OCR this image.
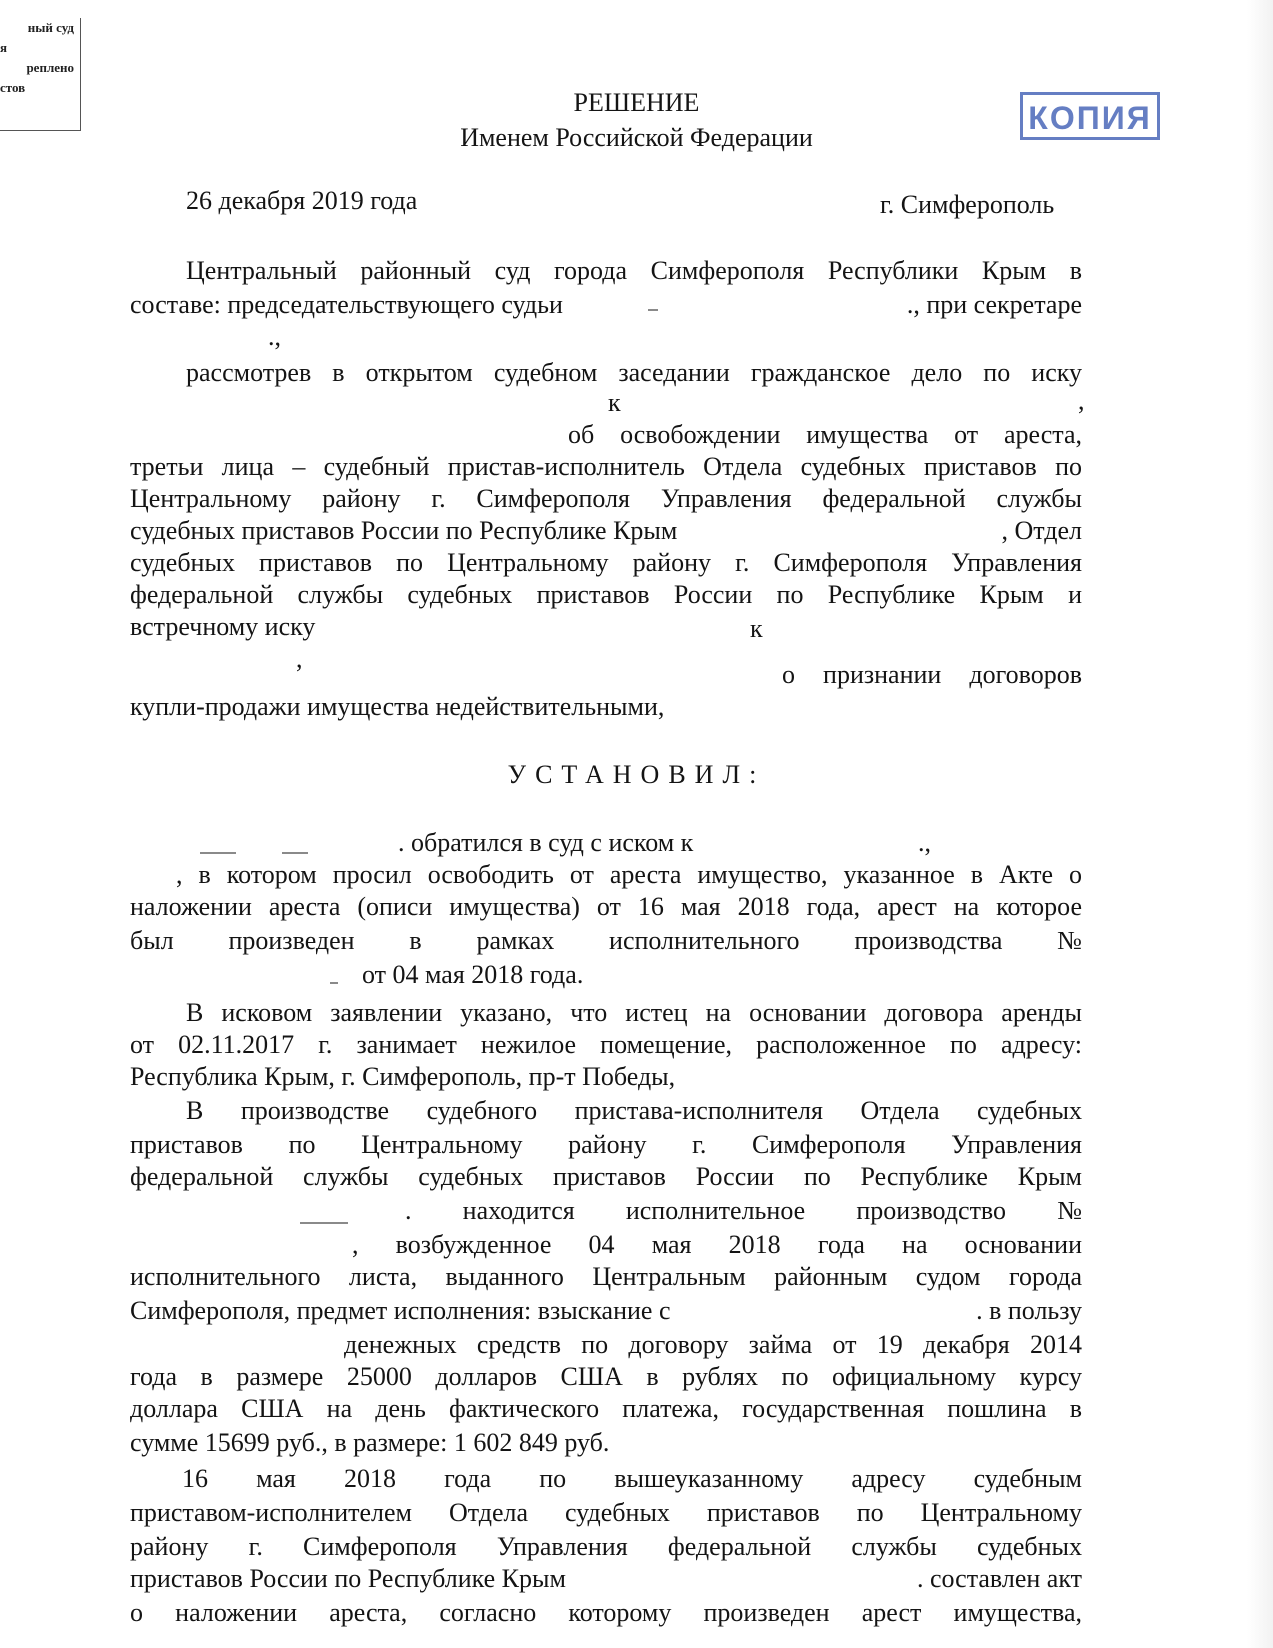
ный суд
я
реплено
стов
КОПИЯ
РЕШЕНИЕ
Именем Российской Федерации
26 декабря 2019 года	г. Симферополь
Центральный районный суд города Симферополя Республики Крым в
составе: председательствующего судьи	., при секретаре
.,
рассмотрев в открытом судебном заседании гражданское дело по иску
к	,
об освобождении имущества от ареста,
третьи лица – судебный пристав-исполнитель Отдела судебных приставов по
Центральному району г. Симферополя Управления федеральной службы
судебных приставов России по Республике Крым	, Отдел
судебных приставов по Центральному району г. Симферополя Управления
федеральной службы судебных приставов России по Республике Крым и
встречному иску	к
,
о признании договоров
купли-продажи имущества недействительными,
УСТАНОВИЛ:
. обратился в суд с иском к	.,
, в котором просил освободить от ареста имущество, указанное в Акте о
наложении ареста (описи имущества) от 16 мая 2018 года, арест на которое
был произведен в рамках исполнительного производства №
от 04 мая 2018 года.
В исковом заявлении указано, что истец на основании договора аренды
от 02.11.2017 г. занимает нежилое помещение, расположенное по адресу:
Республика Крым, г. Симферополь, пр-т Победы,
В производстве судебного пристава-исполнителя Отдела судебных
приставов по Центральному району г. Симферополя Управления
федеральной службы судебных приставов России по Республике Крым
. находится исполнительное производство №
, возбужденное 04 мая 2018 года на основании
исполнительного листа, выданного Центральным районным судом города
Симферополя, предмет исполнения: взыскание с	. в пользу
денежных средств по договору займа от 19 декабря 2014
года в размере 25000 долларов США в рублях по официальному курсу
доллара США на день фактического платежа, государственная пошлина в
сумме 15699 руб., в размере: 1 602 849 руб.
16 мая 2018 года по вышеуказанному адресу судебным
приставом-исполнителем Отдела судебных приставов по Центральному
району г. Симферополя Управления федеральной службы судебных
приставов России по Республике Крым	. составлен акт
о наложении ареста, согласно которому произведен арест имущества,
